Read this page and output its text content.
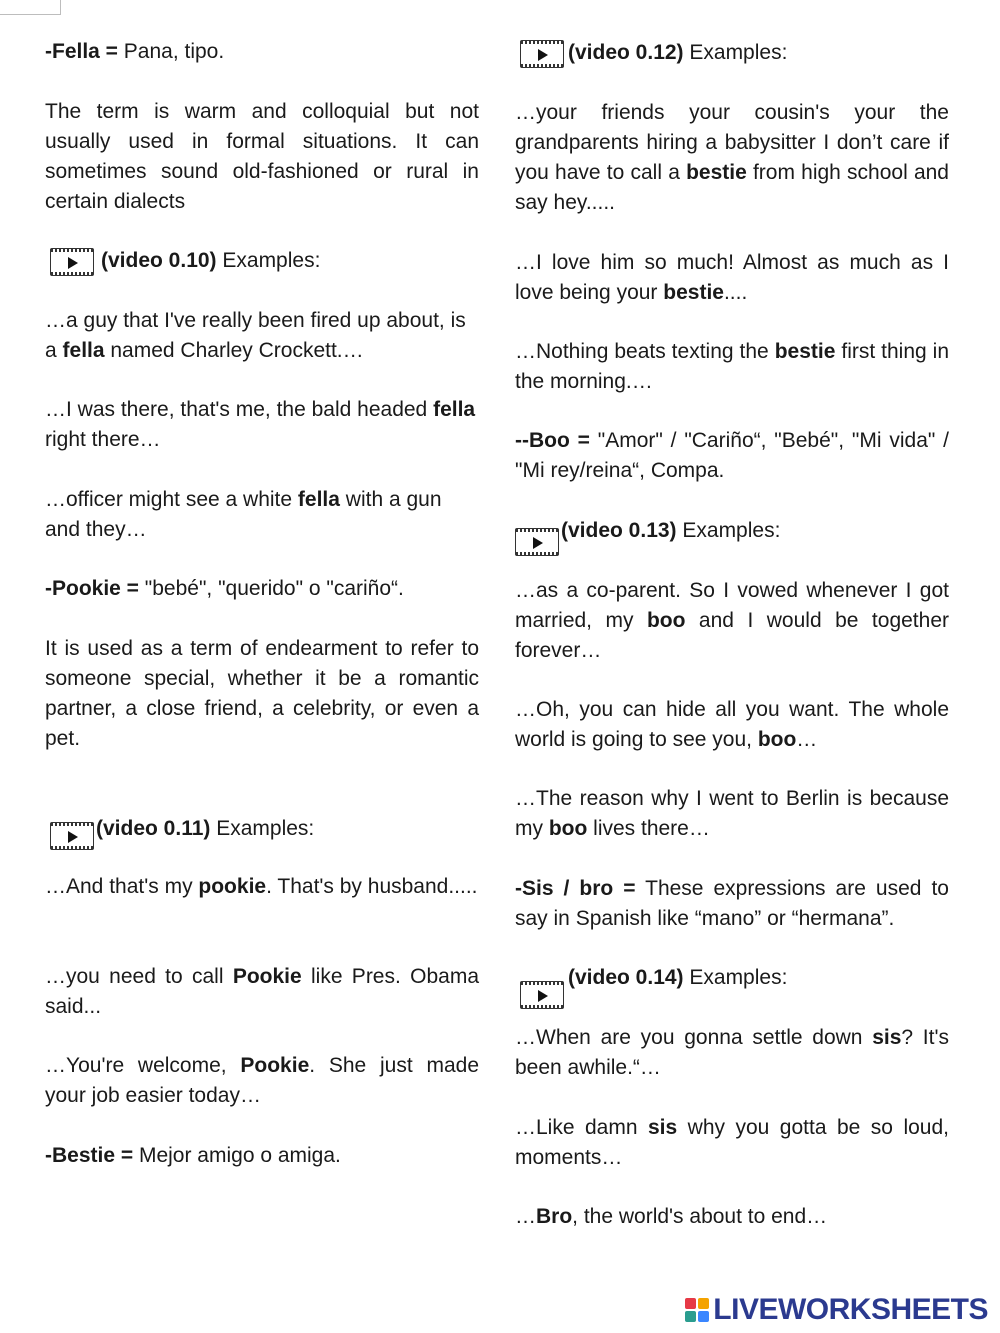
-Fella = Pana, tipo.

The term is warm and colloquial but not usually used in formal situations. It can sometimes sound old-fashioned or rural in certain dialects

(video 0.10) Examples:

…a guy that I've really been fired up about, is a fella named Charley Crockett.…

…I was there, that's me, the bald headed fella right there…

…officer might see a white fella with a gun and they…

-Pookie = "bebé", "querido" o "cariño“.

It is used as a term of endearment to refer to someone special, whether it be a romantic partner, a close friend, a celebrity, or even a pet.

(video 0.11) Examples:

…And that's my pookie. That's by husband.....

…you need to call Pookie like Pres. Obama said...

…You're welcome, Pookie. She just made your job easier today…

-Bestie = Mejor amigo o amiga.

(video 0.12) Examples:

…your friends your cousin's your the grandparents hiring a babysitter I don’t care if you have to call a bestie from high school and say hey.....

…I love him so much! Almost as much as I love being your bestie....

…Nothing beats texting the bestie first thing in the morning.…

--Boo = "Amor" / "Cariño“, "Bebé", "Mi vida" / "Mi rey/reina“, Compa.

(video 0.13) Examples:

…as a co-parent. So I vowed whenever I got married, my boo and I would be together forever…

…Oh, you can hide all you want. The whole world is going to see you, boo…

…The reason why I went to Berlin is because my boo lives there…

-Sis / bro = These expressions are used to say in Spanish like “mano” or “hermana”.

(video 0.14) Examples:

…When are you gonna settle down sis? It's been awhile.“…

…Like damn sis why you gotta be so loud, moments…

…Bro, the world's about to end…

LIVEWORKSHEETS
